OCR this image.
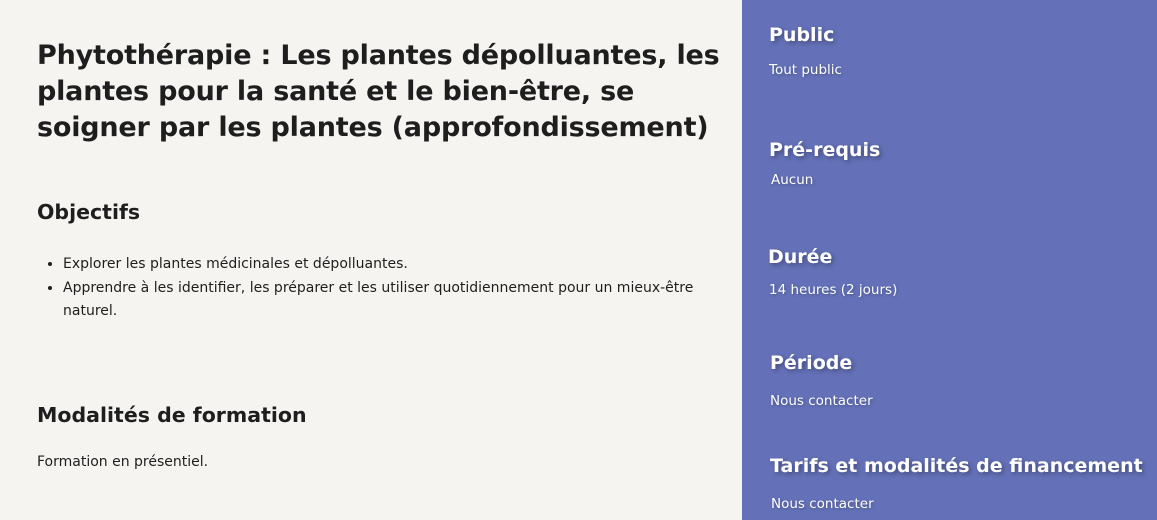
Phytothérapie : Les plantes dépolluantes, les plantes pour la santé et le bien-être, se soigner par les plantes (approfondissement)
Objectifs
• Explorer les plantes médicinales et dépolluantes.
• Apprendre à les identifier, les préparer et les utiliser quotidiennement pour un mieux-être naturel.
Modalités de formation

Formation en présentiel.

Public

Tout public

Pré-requis

Aucun

Durée

14 heures (2 jours)

Période

Nous contacter

Tarifs et modalités de financement

Nous contacter
